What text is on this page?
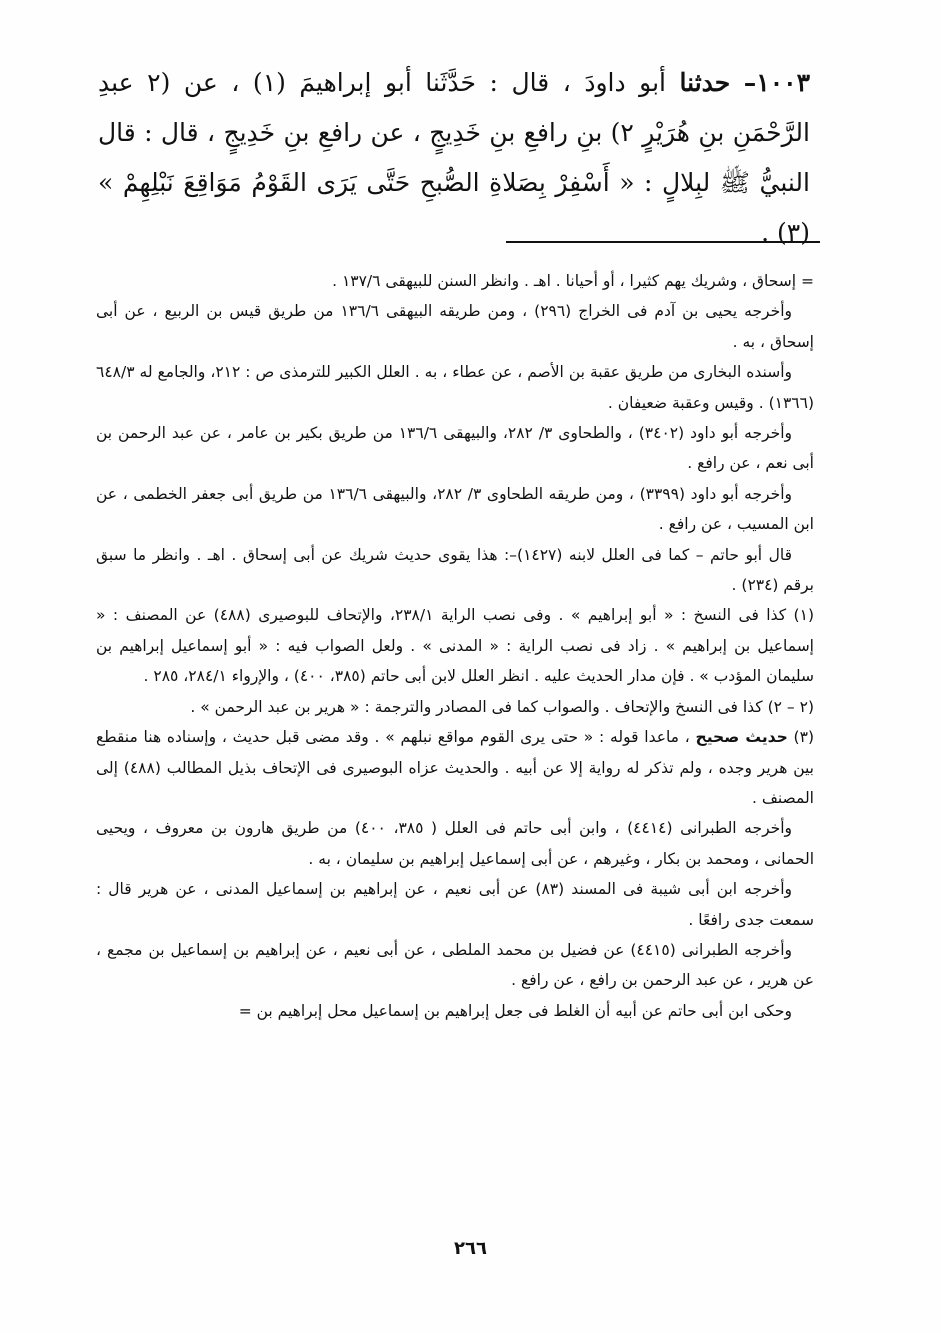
١٠٠٣– حدثنا أبو داودَ ، قال : حَدَّثَنا أبو إبراهيمَ (١) ، عن (٢ عبدِ الرَّحْمَنِ بنِ هُرَيْرٍ ٢) بنِ رافعِ بنِ خَدِيجٍ ، عن رافعِ بنِ خَدِيجٍ ، قال : قال النبيُّ ﷺ لبِلالٍ : « أَسْفِرْ بِصَلاةِ الصُّبحِ حَتَّى يَرَى القَوْمُ مَوَاقِعَ نَبْلِهِمْ » (٣) .

= إسحاق ، وشريك يهم كثيرا ، أو أحيانا . اهـ . وانظر السنن للبيهقى ١٣٧/٦ .

وأخرجه يحيى بن آدم فى الخراج (٢٩٦) ، ومن طريقه البيهقى ١٣٦/٦ من طريق قيس بن الربيع ، عن أبى إسحاق ، به .

وأسنده البخارى من طريق عقبة بن الأصم ، عن عطاء ، به . العلل الكبير للترمذى ص : ٢١٢، والجامع له ٦٤٨/٣ (١٣٦٦) . وقيس وعقبة ضعيفان .

وأخرجه أبو داود (٣٤٠٢) ، والطحاوى ٣/ ٢٨٢، والبيهقى ١٣٦/٦ من طريق بكير بن عامر ، عن عبد الرحمن بن أبى نعم ، عن رافع .

وأخرجه أبو داود (٣٣٩٩) ، ومن طريقه الطحاوى ٣/ ٢٨٢، والبيهقى ١٣٦/٦ من طريق أبى جعفر الخطمى ، عن ابن المسيب ، عن رافع .

قال أبو حاتم – كما فى العلل لابنه (١٤٢٧)–: هذا يقوى حديث شريك عن أبى إسحاق . اهـ . وانظر ما سبق برقم (٢٣٤) .

(١) كذا فى النسخ : « أبو إبراهيم » . وفى نصب الراية ٢٣٨/١، والإتحاف للبوصيرى (٤٨٨) عن المصنف : « إسماعيل بن إبراهيم » . زاد فى نصب الراية : « المدنى » . ولعل الصواب فيه : « أبو إسماعيل إبراهيم بن سليمان المؤدب » . فإن مدار الحديث عليه . انظر العلل لابن أبى حاتم (٣٨٥، ٤٠٠) ، والإرواء ٢٨٤/١، ٢٨٥ .

(٢ – ٢) كذا فى النسخ والإتحاف . والصواب كما فى المصادر والترجمة : « هرير بن عبد الرحمن » .

(٣) حديث صحيح ، ماعدا قوله : « حتى يرى القوم مواقع نبلهم » . وقد مضى قبل حديث ، وإسناده هنا منقطع بين هرير وجده ، ولم تذكر له رواية إلا عن أبيه . والحديث عزاه البوصيرى فى الإتحاف بذيل المطالب (٤٨٨) إلى المصنف .

وأخرجه الطبرانى (٤٤١٤) ، وابن أبى حاتم فى العلل ( ٣٨٥، ٤٠٠) من طريق هارون بن معروف ، ويحيى الحمانى ، ومحمد بن بكار ، وغيرهم ، عن أبى إسماعيل إبراهيم بن سليمان ، به .

وأخرجه ابن أبى شيبة فى المسند (٨٣) عن أبى نعيم ، عن إبراهيم بن إسماعيل المدنى ، عن هرير قال : سمعت جدى رافعًا .

وأخرجه الطبرانى (٤٤١٥) عن فضيل بن محمد الملطى ، عن أبى نعيم ، عن إبراهيم بن إسماعيل بن مجمع ، عن هرير ، عن عبد الرحمن بن رافع ، عن رافع .

وحكى ابن أبى حاتم عن أبيه أن الغلط فى جعل إبراهيم بن إسماعيل محل إبراهيم بن =

٢٦٦
